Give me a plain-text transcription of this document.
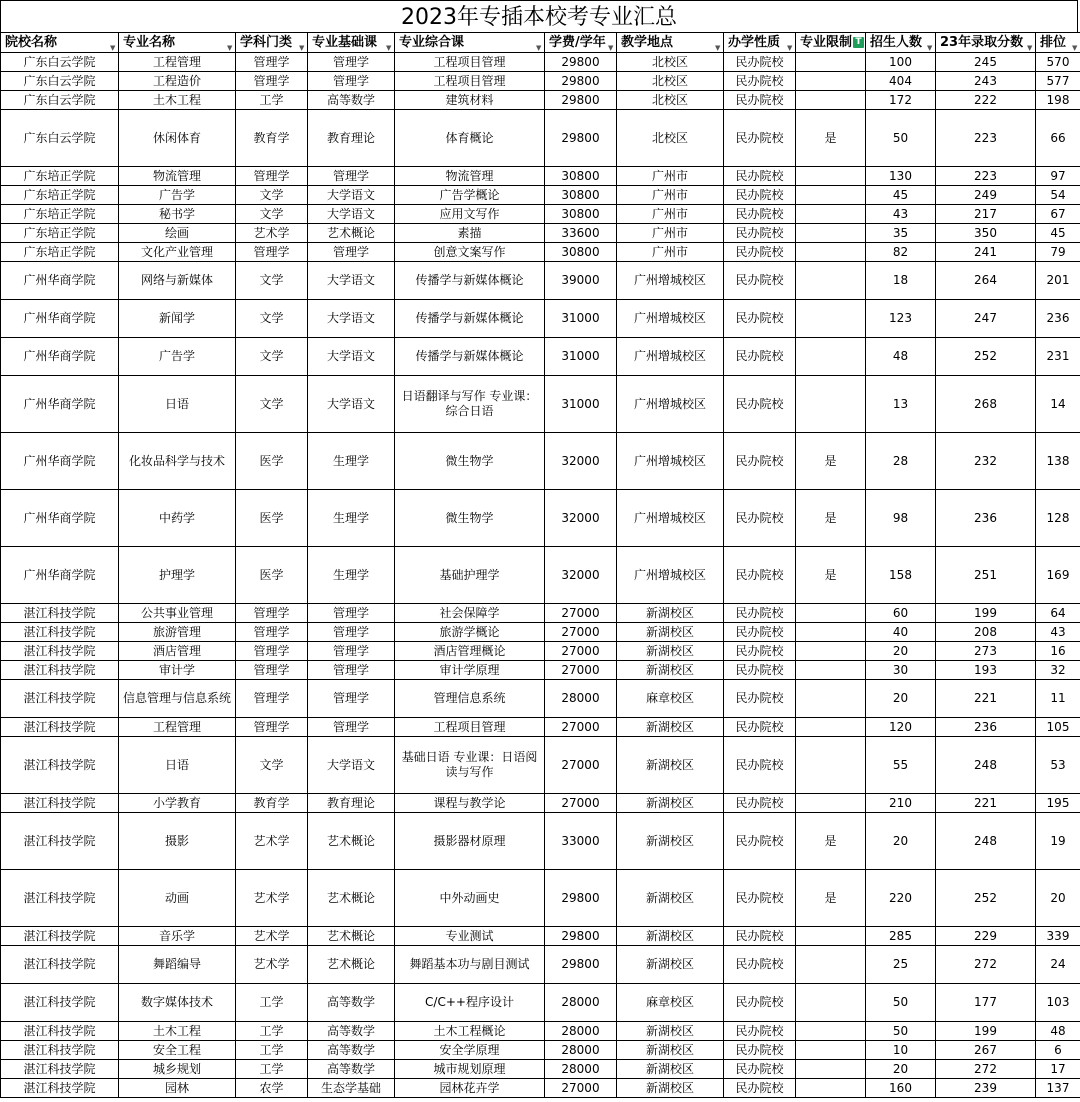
2023年专插本校考专业汇总
院校名称 ▼	专业名称 ▼	学科门类 ▼	专业基础课 ▼	专业综合课 ▼	学费/学年 ▼	教学地点 ▼	办学性质 ▼	专业限制 T	招生人数 ▼	23年录取分数 ▼	排位 ▼

广东白云学院	工程管理	管理学	管理学	工程项目管理	29800	北校区	民办院校		100	245	570
广东白云学院	工程造价	管理学	管理学	工程项目管理	29800	北校区	民办院校		404	243	577
广东白云学院	土木工程	工学	高等数学	建筑材料	29800	北校区	民办院校		172	222	198
广东白云学院	休闲体育	教育学	教育理论	体育概论	29800	北校区	民办院校	是	50	223	66
广东培正学院	物流管理	管理学	管理学	物流管理	30800	广州市	民办院校		130	223	97
广东培正学院	广告学	文学	大学语文	广告学概论	30800	广州市	民办院校		45	249	54
广东培正学院	秘书学	文学	大学语文	应用文写作	30800	广州市	民办院校		43	217	67
广东培正学院	绘画	艺术学	艺术概论	素描	33600	广州市	民办院校		35	350	45
广东培正学院	文化产业管理	管理学	管理学	创意文案写作	30800	广州市	民办院校		82	241	79
广州华商学院	网络与新媒体	文学	大学语文	传播学与新媒体概论	39000	广州增城校区	民办院校		18	264	201
广州华商学院	新闻学	文学	大学语文	传播学与新媒体概论	31000	广州增城校区	民办院校		123	247	236
广州华商学院	广告学	文学	大学语文	传播学与新媒体概论	31000	广州增城校区	民办院校		48	252	231
广州华商学院	日语	文学	大学语文	日语翻译与写作 专业课：综合日语	31000	广州增城校区	民办院校		13	268	14
广州华商学院	化妆品科学与技术	医学	生理学	微生物学	32000	广州增城校区	民办院校	是	28	232	138
广州华商学院	中药学	医学	生理学	微生物学	32000	广州增城校区	民办院校	是	98	236	128
广州华商学院	护理学	医学	生理学	基础护理学	32000	广州增城校区	民办院校	是	158	251	169
湛江科技学院	公共事业管理	管理学	管理学	社会保障学	27000	新湖校区	民办院校		60	199	64
湛江科技学院	旅游管理	管理学	管理学	旅游学概论	27000	新湖校区	民办院校		40	208	43
湛江科技学院	酒店管理	管理学	管理学	酒店管理概论	27000	新湖校区	民办院校		20	273	16
湛江科技学院	审计学	管理学	管理学	审计学原理	27000	新湖校区	民办院校		30	193	32
湛江科技学院	信息管理与信息系统	管理学	管理学	管理信息系统	28000	麻章校区	民办院校		20	221	11
湛江科技学院	工程管理	管理学	管理学	工程项目管理	27000	新湖校区	民办院校		120	236	105
湛江科技学院	日语	文学	大学语文	基础日语 专业课：日语阅读与写作	27000	新湖校区	民办院校		55	248	53
湛江科技学院	小学教育	教育学	教育理论	课程与教学论	27000	新湖校区	民办院校		210	221	195
湛江科技学院	摄影	艺术学	艺术概论	摄影器材原理	33000	新湖校区	民办院校	是	20	248	19
湛江科技学院	动画	艺术学	艺术概论	中外动画史	29800	新湖校区	民办院校	是	220	252	20
湛江科技学院	音乐学	艺术学	艺术概论	专业测试	29800	新湖校区	民办院校		285	229	339
湛江科技学院	舞蹈编导	艺术学	艺术概论	舞蹈基本功与剧目测试	29800	新湖校区	民办院校		25	272	24
湛江科技学院	数字媒体技术	工学	高等数学	C/C++程序设计	28000	麻章校区	民办院校		50	177	103
湛江科技学院	土木工程	工学	高等数学	土木工程概论	28000	新湖校区	民办院校		50	199	48
湛江科技学院	安全工程	工学	高等数学	安全学原理	28000	新湖校区	民办院校		10	267	6
湛江科技学院	城乡规划	工学	高等数学	城市规划原理	28000	新湖校区	民办院校		20	272	17
湛江科技学院	园林	农学	生态学基础	园林花卉学	27000	新湖校区	民办院校		160	239	137
